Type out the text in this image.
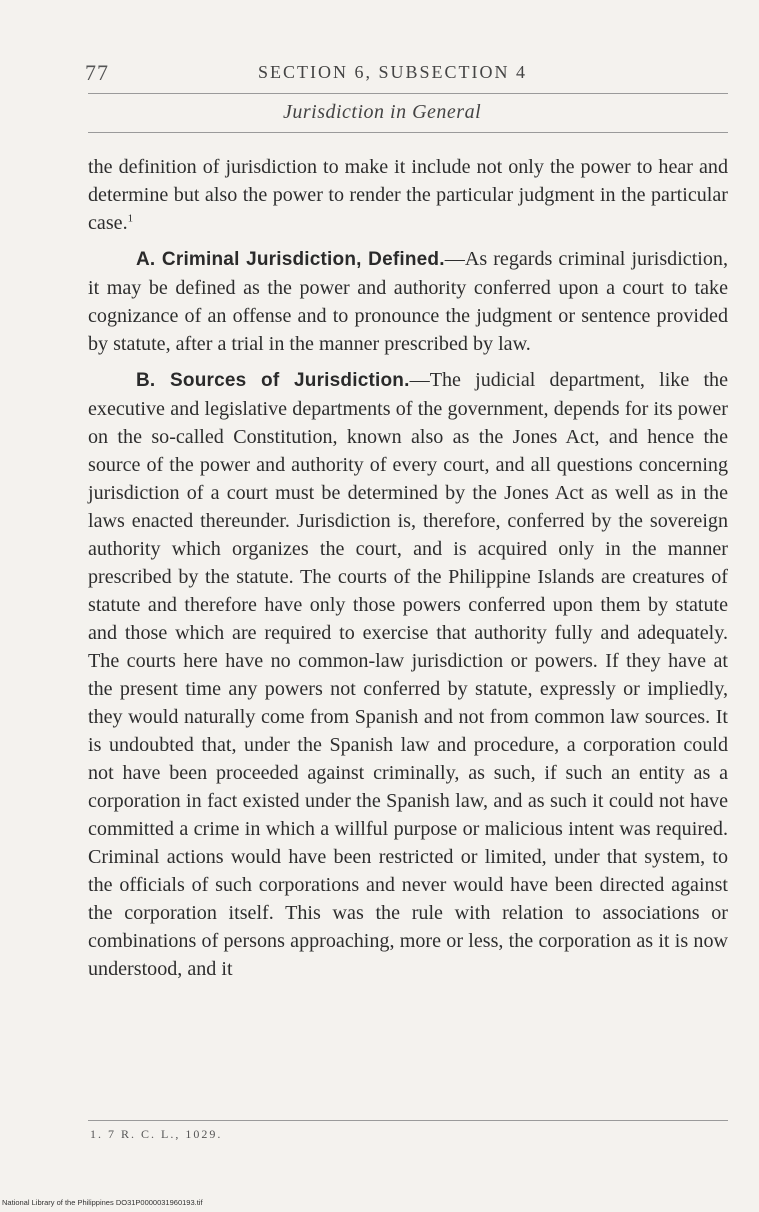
77	SECTION 6, SUBSECTION 4
Jurisdiction in General

the definition of jurisdiction to make it include not only the power to hear and determine but also the power to render the particular judgment in the particular case.$^1$

A. Criminal Jurisdiction, Defined.—As regards criminal jurisdiction, it may be defined as the power and authority conferred upon a court to take cognizance of an offense and to pronounce the judgment or sentence provided by statute, after a trial in the manner prescribed by law.

B. Sources of Jurisdiction.—The judicial department, like the executive and legislative departments of the government, depends for its power on the so-called Constitution, known also as the Jones Act, and hence the source of the power and authority of every court, and all questions concerning jurisdiction of a court must be determined by the Jones Act as well as in the laws enacted thereunder. Jurisdiction is, therefore, conferred by the sovereign authority which organizes the court, and is acquired only in the manner prescribed by the statute. The courts of the Philippine Islands are creatures of statute and therefore have only those powers conferred upon them by statute and those which are required to exercise that authority fully and adequately. The courts here have no common-law jurisdiction or powers. If they have at the present time any powers not conferred by statute, expressly or impliedly, they would naturally come from Spanish and not from common law sources. It is undoubted that, under the Spanish law and procedure, a corporation could not have been proceeded against criminally, as such, if such an entity as a corporation in fact existed under the Spanish law, and as such it could not have committed a crime in which a willful purpose or malicious intent was required. Criminal actions would have been restricted or limited, under that system, to the officials of such corporations and never would have been directed against the corporation itself. This was the rule with relation to associations or combinations of persons approaching, more or less, the corporation as it is now understood, and it

1. 7 R. C. L., 1029.
National Library of the Philippines DO31P0000031960193.tif
